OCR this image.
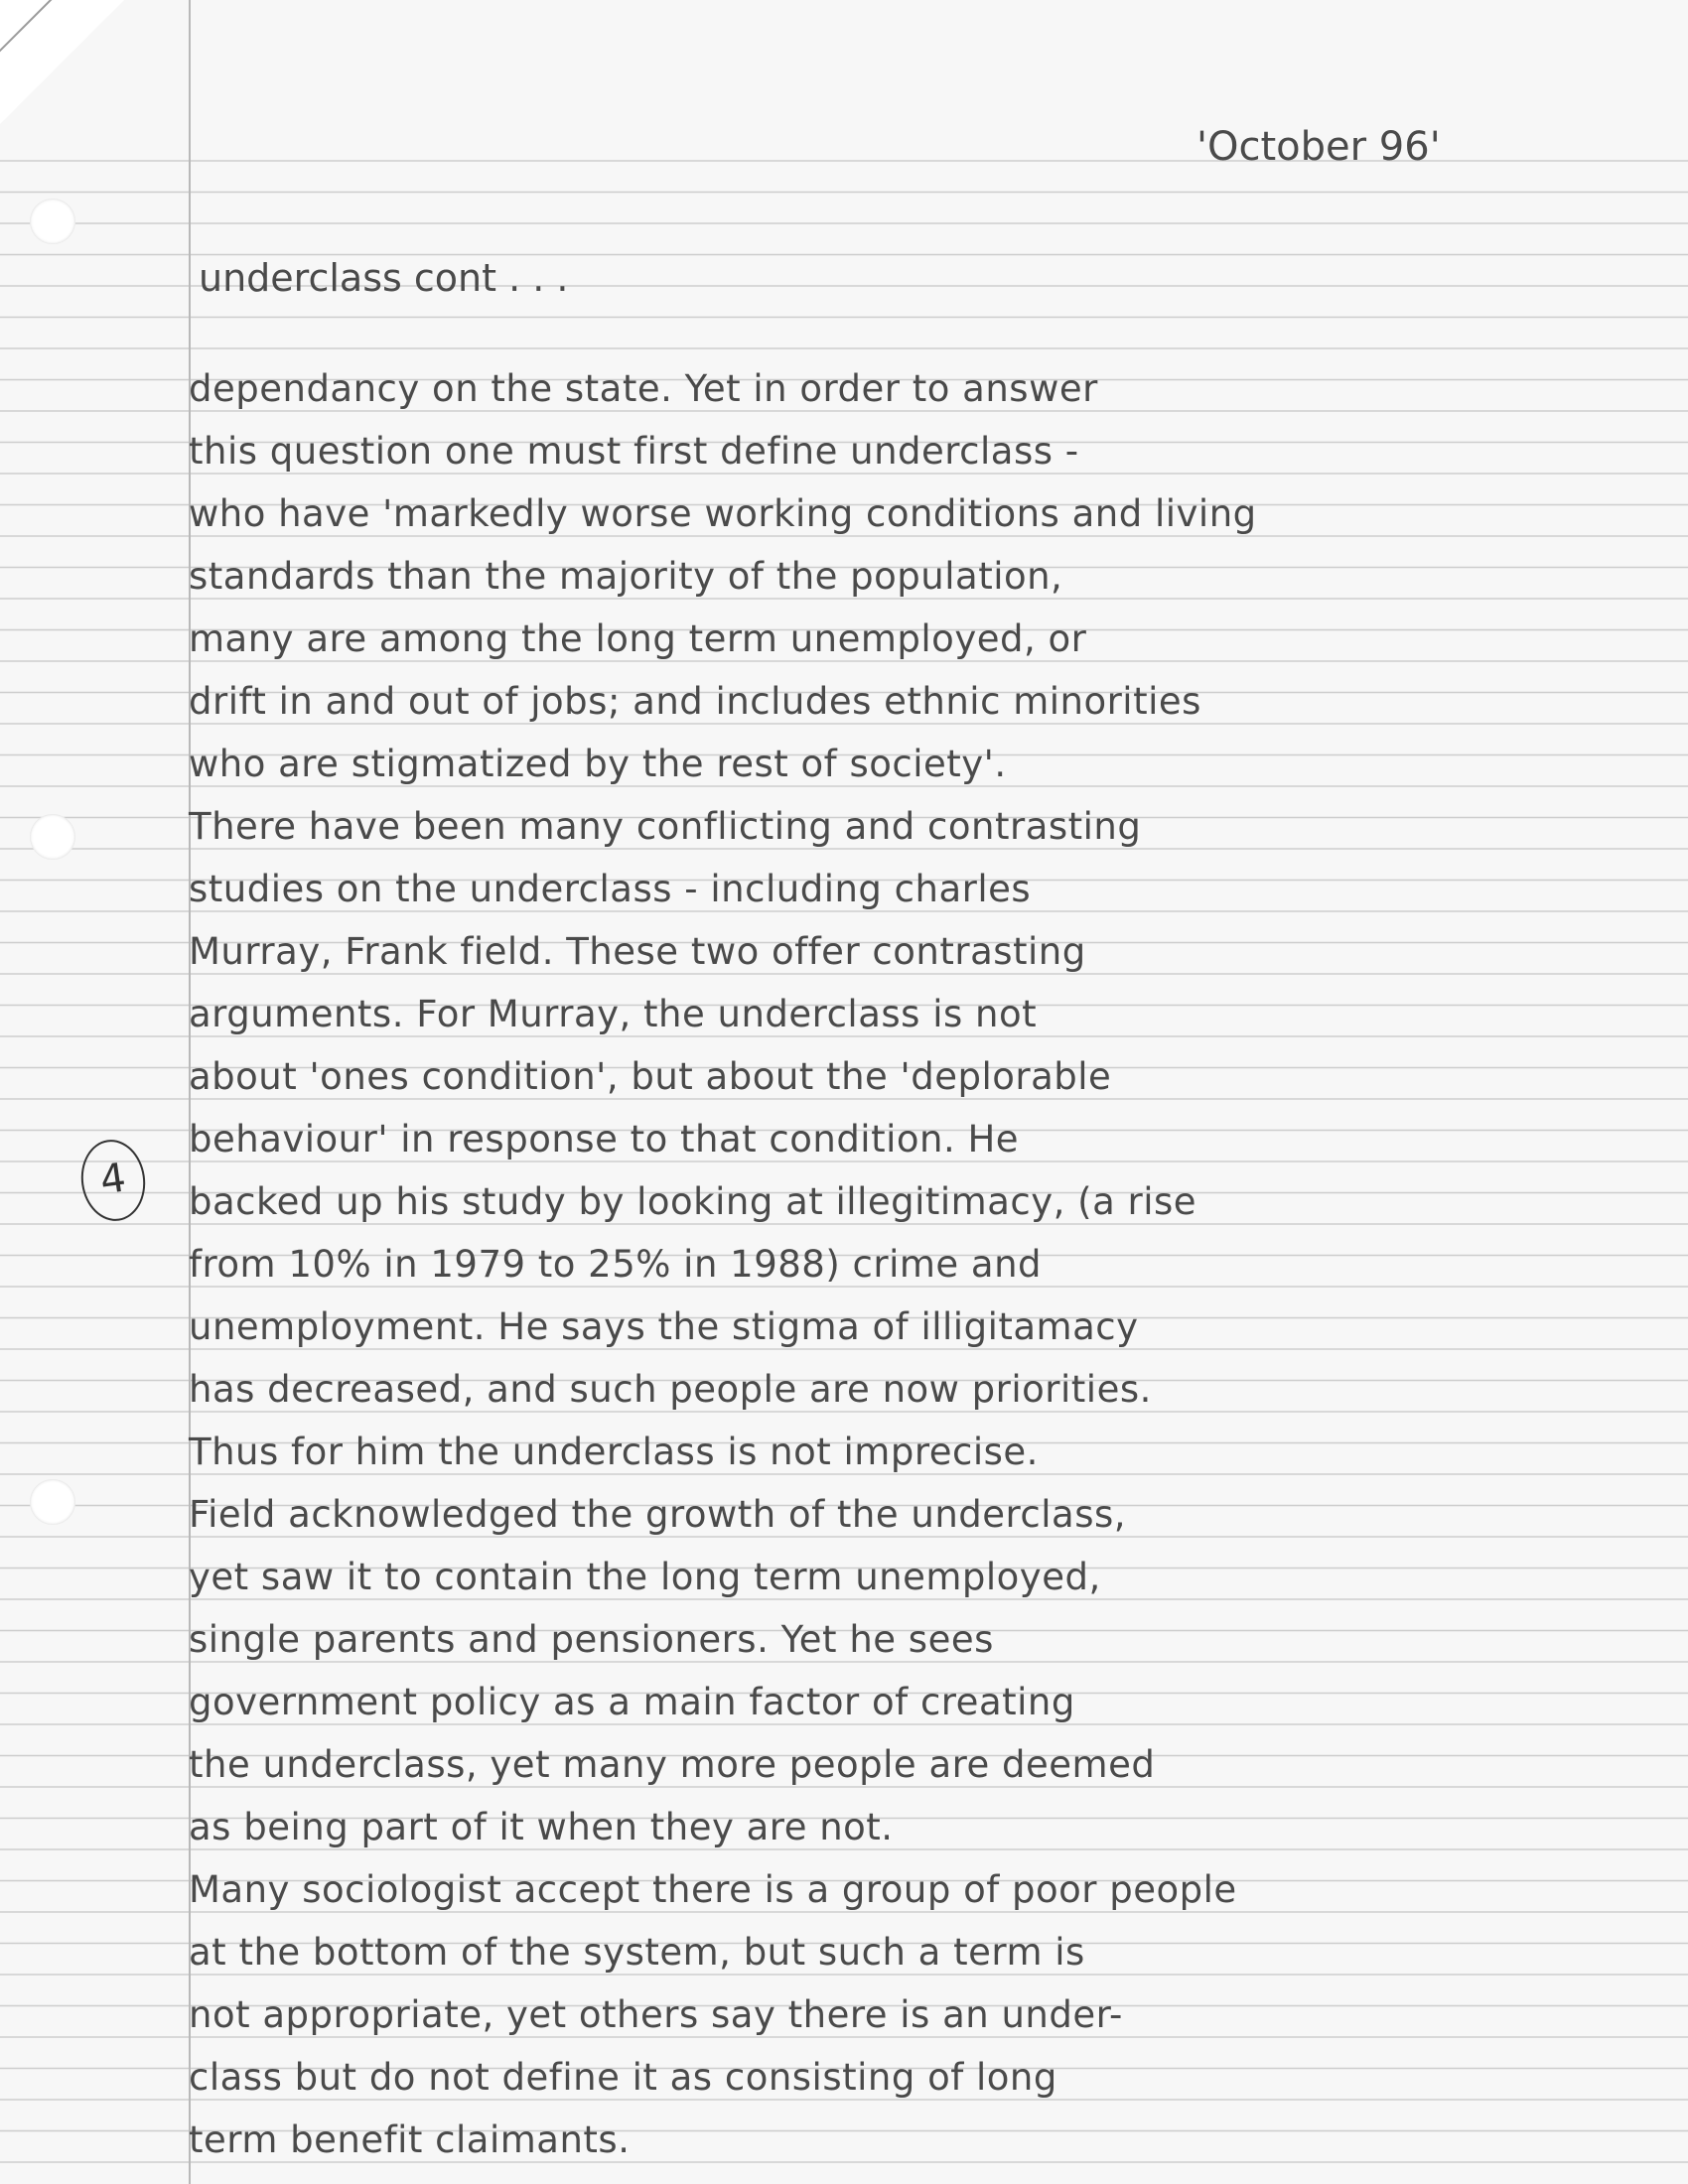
'October 96'
underclass cont . . .
4
dependancy on the state. Yet in order to answer
this question one must first define underclass -
who have 'markedly worse working conditions and living
standards than the majority of the population,
many are among the long term unemployed, or
drift in and out of jobs; and includes ethnic minorities
who are stigmatized by the rest of society'.
There have been many conflicting and contrasting
studies on the underclass - including charles
Murray, Frank field. These two offer contrasting
arguments. For Murray, the underclass is not
about 'ones condition', but about the 'deplorable
behaviour' in response to that condition. He
backed up his study by looking at illegitimacy, (a rise
from 10% in 1979 to 25% in 1988) crime and
unemployment. He says the stigma of illigitamacy
has decreased, and such people are now priorities.
Thus for him the underclass is not imprecise.
Field acknowledged the growth of the underclass,
yet saw it to contain the long term unemployed,
single parents and pensioners. Yet he sees
government policy as a main factor of creating
the underclass, yet many more people are deemed
as being part of it when they are not.
Many sociologist accept there is a group of poor people
at the bottom of the system, but such a term is
not appropriate, yet others say there is an under-
class but do not define it as consisting of long
term benefit claimants.
